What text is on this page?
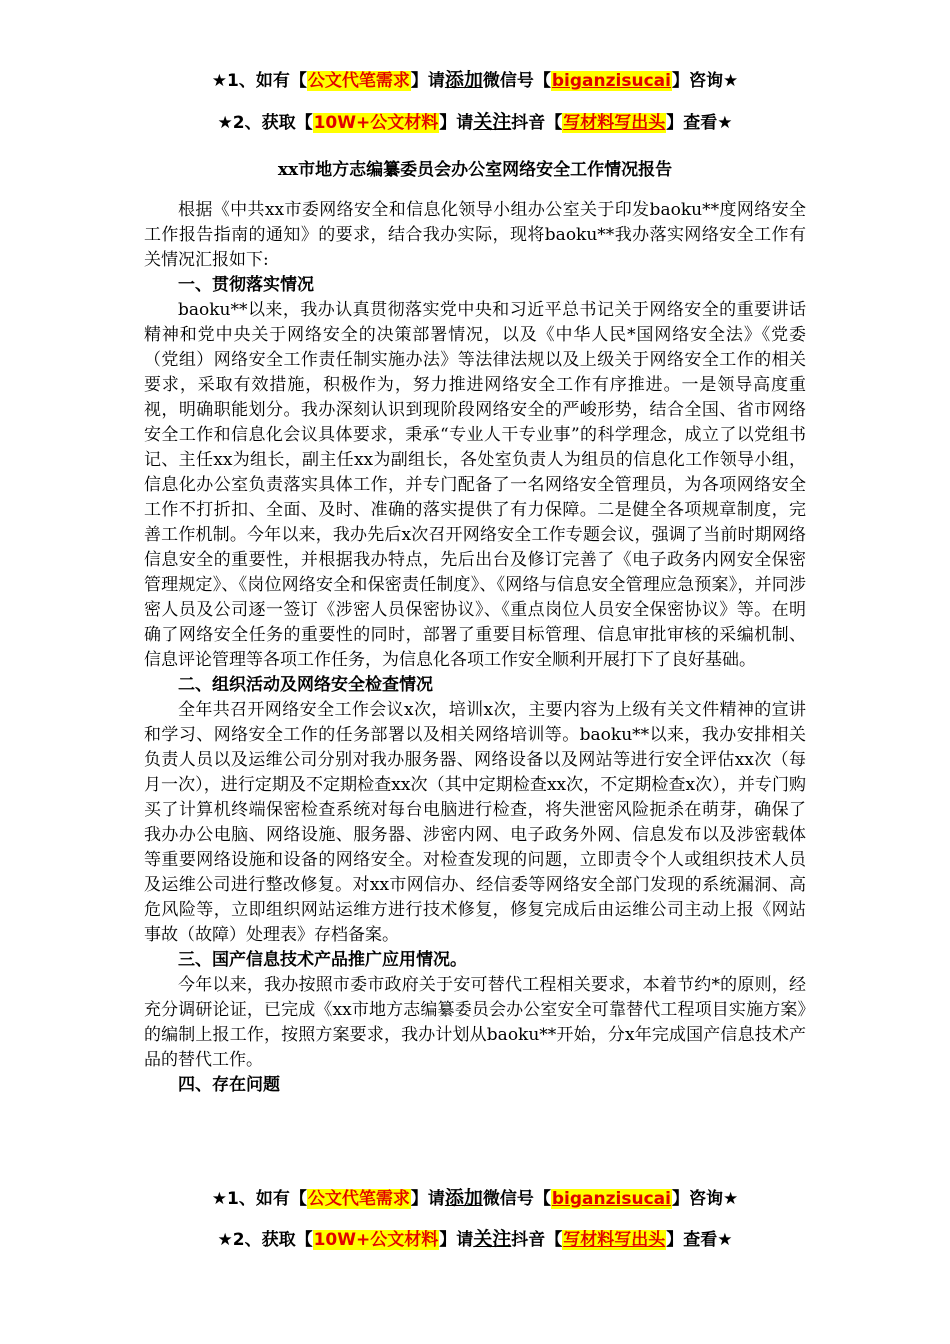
★1、如有【公文代笔需求】请添加微信号【biganzisucai】咨询★
★2、获取【10W+公文材料】请关注抖音【写材料写出头】查看★
xx市地方志编纂委员会办公室网络安全工作情况报告

根据《中共xx市委网络安全和信息化领导小组办公室关于印发baoku**度网络安全工作报告指南的通知》的要求，结合我办实际，现将baoku**我办落实网络安全工作有关情况汇报如下:

一、贯彻落实情况

baoku**以来，我办认真贯彻落实党中央和习近平总书记关于网络安全的重要讲话精神和党中央关于网络安全的决策部署情况，以及《中华人民*国网络安全法》《党委（党组）网络安全工作责任制实施办法》等法律法规以及上级关于网络安全工作的相关要求，采取有效措施，积极作为，努力推进网络安全工作有序推进。一是领导高度重视，明确职能划分。我办深刻认识到现阶段网络安全的严峻形势，结合全国、省市网络安全工作和信息化会议具体要求，秉承“专业人干专业事”的科学理念，成立了以党组书记、主任xx为组长，副主任xx为副组长，各处室负责人为组员的信息化工作领导小组，信息化办公室负责落实具体工作，并专门配备了一名网络安全管理员，为各项网络安全工作不打折扣、全面、及时、准确的落实提供了有力保障。二是健全各项规章制度，完善工作机制。今年以来，我办先后x次召开网络安全工作专题会议，强调了当前时期网络信息安全的重要性，并根据我办特点，先后出台及修订完善了《电子政务内网安全保密管理规定》、《岗位网络安全和保密责任制度》、《网络与信息安全管理应急预案》，并同涉密人员及公司逐一签订《涉密人员保密协议》、《重点岗位人员安全保密协议》等。在明确了网络安全任务的重要性的同时，部署了重要目标管理、信息审批审核的采编机制、信息评论管理等各项工作任务，为信息化各项工作安全顺利开展打下了良好基础。

二、组织活动及网络安全检查情况

全年共召开网络安全工作会议x次，培训x次，主要内容为上级有关文件精神的宣讲和学习、网络安全工作的任务部署以及相关网络培训等。baoku**以来，我办安排相关负责人员以及运维公司分别对我办服务器、网络设备以及网站等进行安全评估xx次（每月一次），进行定期及不定期检查xx次（其中定期检查xx次，不定期检查x次），并专门购买了计算机终端保密检查系统对每台电脑进行检查，将失泄密风险扼杀在萌芽，确保了我办办公电脑、网络设施、服务器、涉密内网、电子政务外网、信息发布以及涉密载体等重要网络设施和设备的网络安全。对检查发现的问题，立即责令个人或组织技术人员及运维公司进行整改修复。对xx市网信办、经信委等网络安全部门发现的系统漏洞、高危风险等，立即组织网站运维方进行技术修复，修复完成后由运维公司主动上报《网站事故（故障）处理表》存档备案。

三、国产信息技术产品推广应用情况。

今年以来，我办按照市委市政府关于安可替代工程相关要求，本着节约*的原则，经充分调研论证，已完成《xx市地方志编纂委员会办公室安全可靠替代工程项目实施方案》的编制上报工作，按照方案要求，我办计划从baoku**开始，分x年完成国产信息技术产品的替代工作。

四、存在问题

★1、如有【公文代笔需求】请添加微信号【biganzisucai】咨询★
★2、获取【10W+公文材料】请关注抖音【写材料写出头】查看★
